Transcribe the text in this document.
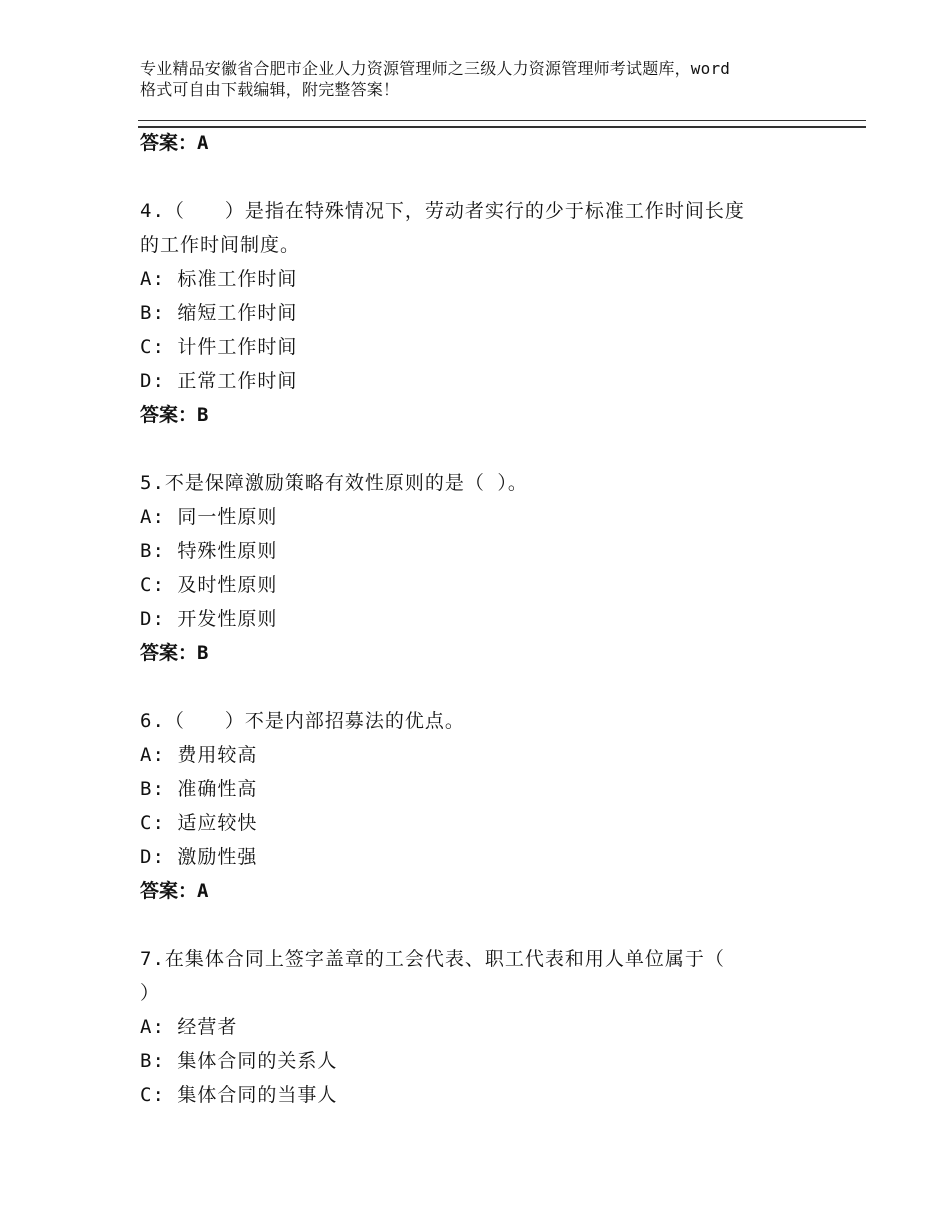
专业精品安徽省合肥市企业人力资源管理师之三级人力资源管理师考试题库，word
格式可自由下载编辑，附完整答案！

答案：A

4.（　　）是指在特殊情况下，劳动者实行的少于标准工作时间长度

的工作时间制度。

A: 标准工作时间

B: 缩短工作时间

C: 计件工作时间

D: 正常工作时间

答案：B

5.不是保障激励策略有效性原则的是（ ）。

A: 同一性原则

B: 特殊性原则

C: 及时性原则

D: 开发性原则

答案：B

6.（　　）不是内部招募法的优点。

A: 费用较高

B: 准确性高

C: 适应较快

D: 激励性强

答案：A

7.在集体合同上签字盖章的工会代表、职工代表和用人单位属于（

）

A: 经营者

B: 集体合同的关系人

C: 集体合同的当事人
